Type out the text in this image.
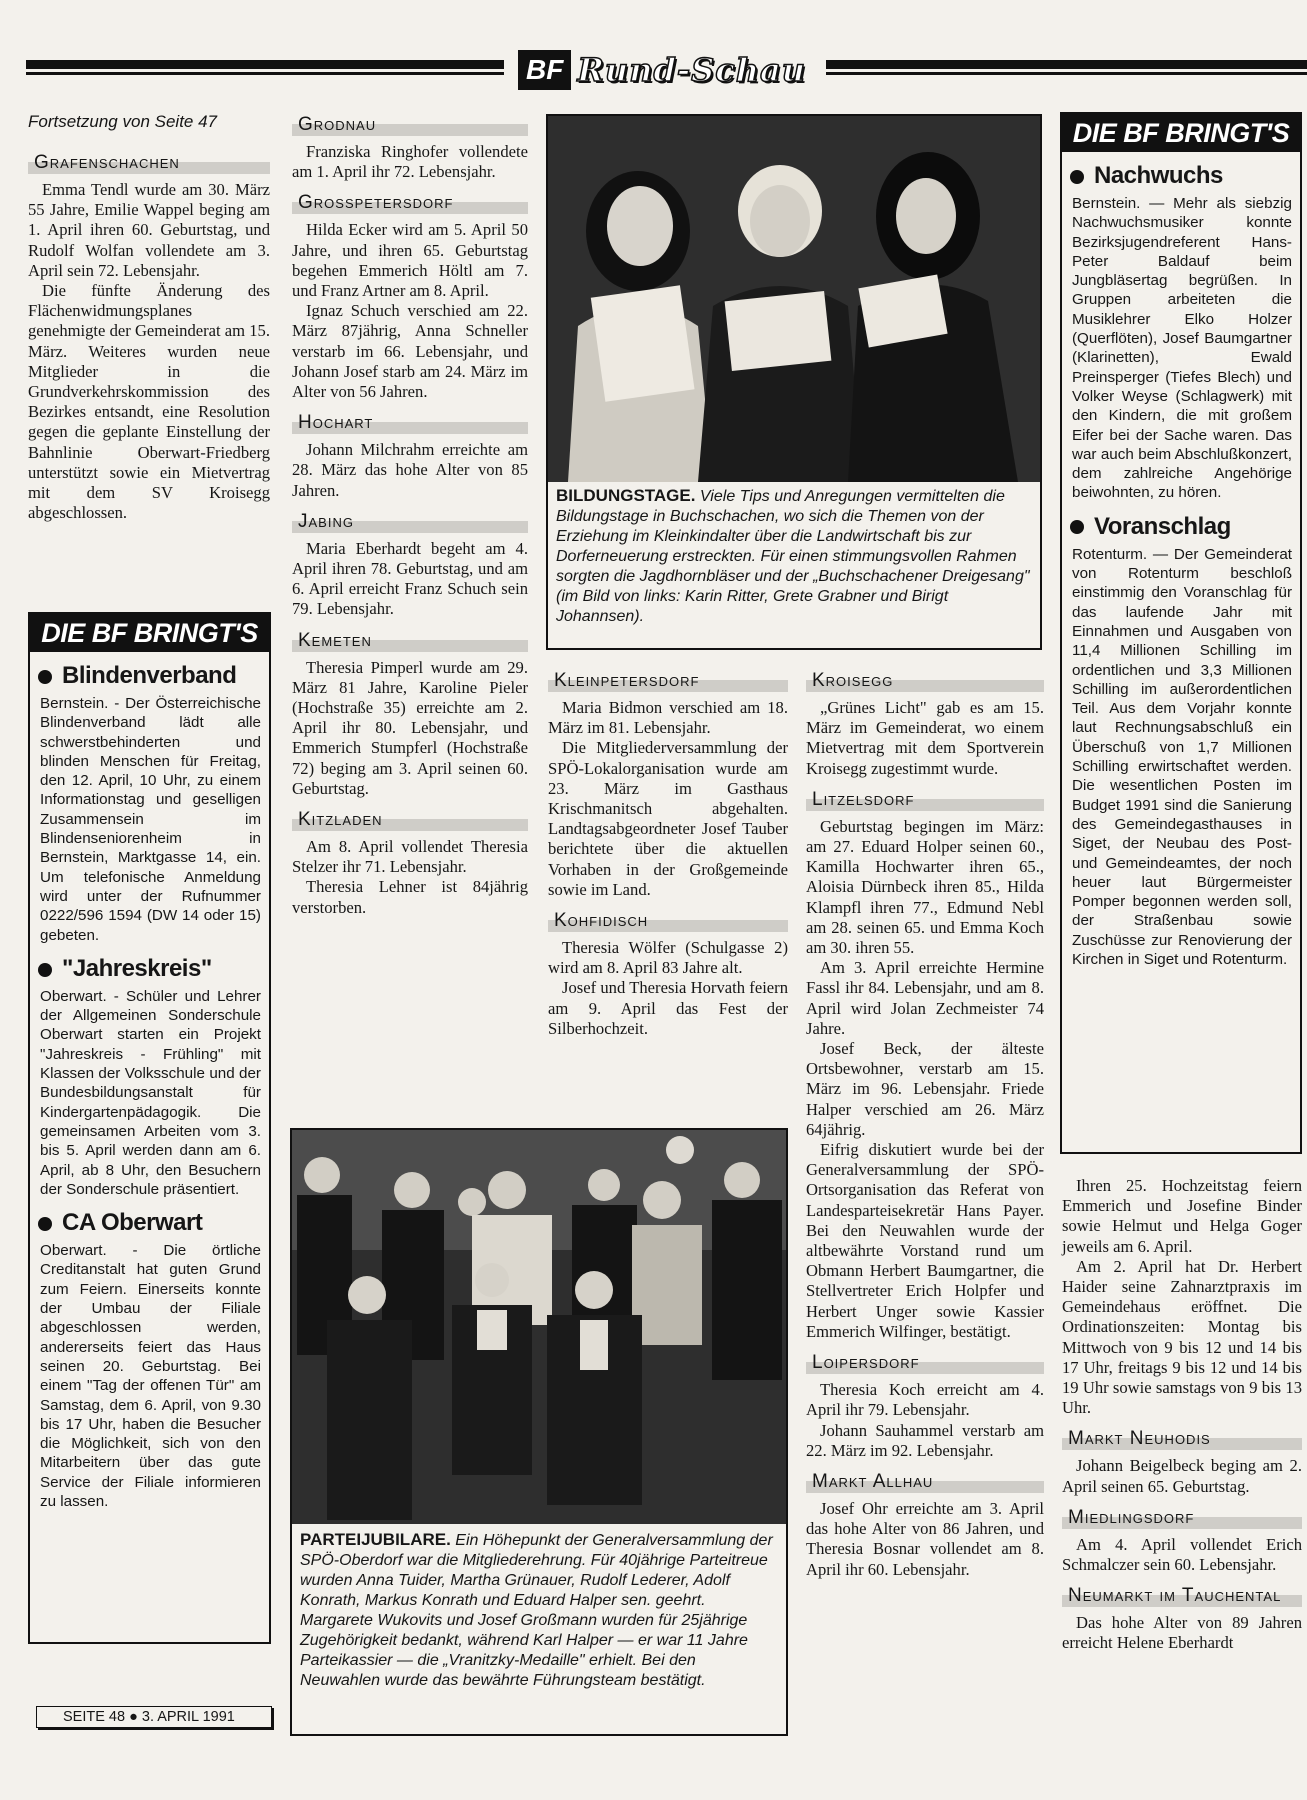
BF Rund-Schau
Fortsetzung von Seite 47
Grafenschachen

Emma Tendl wurde am 30. März 55 Jahre, Emilie Wappel beging am 1. April ihren 60. Geburtstag, und Rudolf Wolfan vollendete am 3. April sein 72. Lebensjahr.

Die fünfte Änderung des Flächenwidmungsplanes genehmigte der Gemeinderat am 15. März. Weiteres wurden neue Mitglieder in die Grundverkehrskommission des Bezirkes entsandt, eine Resolution gegen die geplante Einstellung der Bahnlinie Oberwart-Friedberg unterstützt sowie ein Mietvertrag mit dem SV Kroisegg abgeschlossen.

DIE BF BRINGT'S
Blindenverband

Bernstein. - Der Österreichische Blindenverband lädt alle schwerstbehinderten und blinden Menschen für Freitag, den 12. April, 10 Uhr, zu einem Informationstag und geselligen Zusammensein im Blindenseniorenheim in Bernstein, Marktgasse 14, ein. Um telefonische Anmeldung wird unter der Rufnummer 0222/596 1594 (DW 14 oder 15) gebeten.

"Jahreskreis"

Oberwart. - Schüler und Lehrer der Allgemeinen Sonderschule Oberwart starten ein Projekt "Jahreskreis - Frühling" mit Klassen der Volksschule und der Bundesbildungsanstalt für Kindergartenpädagogik. Die gemeinsamen Arbeiten vom 3. bis 5. April werden dann am 6. April, ab 8 Uhr, den Besuchern der Sonderschule präsentiert.

CA Oberwart

Oberwart. - Die örtliche Creditanstalt hat guten Grund zum Feiern. Einerseits konnte der Umbau der Filiale abgeschlossen werden, andererseits feiert das Haus seinen 20. Geburtstag. Bei einem "Tag der offenen Tür" am Samstag, dem 6. April, von 9.30 bis 17 Uhr, haben die Besucher die Möglichkeit, sich von den Mitarbeitern über das gute Service der Filiale informieren zu lassen.

SEITE 48 ● 3. APRIL 1991
Grodnau

Franziska Ringhofer vollendete am 1. April ihr 72. Lebensjahr.

Grosspetersdorf

Hilda Ecker wird am 5. April 50 Jahre, und ihren 65. Geburtstag begehen Emmerich Höltl am 7. und Franz Artner am 8. April.

Ignaz Schuch verschied am 22. März 87jährig, Anna Schneller verstarb im 66. Lebensjahr, und Johann Josef starb am 24. März im Alter von 56 Jahren.

Hochart

Johann Milchrahm erreichte am 28. März das hohe Alter von 85 Jahren.

Jabing

Maria Eberhardt begeht am 4. April ihren 78. Geburtstag, und am 6. April erreicht Franz Schuch sein 79. Lebensjahr.

Kemeten

Theresia Pimperl wurde am 29. März 81 Jahre, Karoline Pieler (Hochstraße 35) erreichte am 2. April ihr 80. Lebensjahr, und Emmerich Stumpferl (Hochstraße 72) beging am 3. April seinen 60. Geburtstag.

Kitzladen

Am 8. April vollendet Theresia Stelzer ihr 71. Lebensjahr.

Theresia Lehner ist 84jährig verstorben.

BILDUNGSTAGE. Viele Tips und Anregungen vermittelten die Bildungstage in Buchschachen, wo sich die Themen von der Erziehung im Kleinkindalter über die Landwirtschaft bis zur Dorferneuerung erstreckten. Für einen stimmungsvollen Rahmen sorgten die Jagdhornbläser und der „Buchschachener Dreigesang" (im Bild von links: Karin Ritter, Grete Grabner und Birigt Johannsen).
Kleinpetersdorf

Maria Bidmon verschied am 18. März im 81. Lebensjahr.

Die Mitgliederversammlung der SPÖ-Lokalorganisation wurde am 23. März im Gasthaus Krischmanitsch abgehalten. Landtagsabgeordneter Josef Tauber berichtete über die aktuellen Vorhaben in der Großgemeinde sowie im Land.

Kohfidisch

Theresia Wölfer (Schulgasse 2) wird am 8. April 83 Jahre alt.

Josef und Theresia Horvath feiern am 9. April das Fest der Silberhochzeit.

Kroisegg

„Grünes Licht" gab es am 15. März im Gemeinderat, wo einem Mietvertrag mit dem Sportverein Kroisegg zugestimmt wurde.

Litzelsdorf

Geburtstag begingen im März: am 27. Eduard Holper seinen 60., Kamilla Hochwarter ihren 65., Aloisia Dürnbeck ihren 85., Hilda Klampfl ihren 77., Edmund Nebl am 28. seinen 65. und Emma Koch am 30. ihren 55.

Am 3. April erreichte Hermine Fassl ihr 84. Lebensjahr, und am 8. April wird Jolan Zechmeister 74 Jahre.

Josef Beck, der älteste Ortsbewohner, verstarb am 15. März im 96. Lebensjahr. Friede Halper verschied am 26. März 64jährig.

Eifrig diskutiert wurde bei der Generalversammlung der SPÖ-Ortsorganisation das Referat von Landesparteisekretär Hans Payer. Bei den Neuwahlen wurde der altbewährte Vorstand rund um Obmann Herbert Baumgartner, die Stellvertreter Erich Holpfer und Herbert Unger sowie Kassier Emmerich Wilfinger, bestätigt.

Loipersdorf

Theresia Koch erreicht am 4. April ihr 79. Lebensjahr.

Johann Sauhammel verstarb am 22. März im 92. Lebensjahr.

Markt Allhau

Josef Ohr erreichte am 3. April das hohe Alter von 86 Jahren, und Theresia Bosnar vollendet am 8. April ihr 60. Lebensjahr.

PARTEIJUBILARE. Ein Höhepunkt der Generalversammlung der SPÖ-Oberdorf war die Mitgliederehrung. Für 40jährige Parteitreue wurden Anna Tuider, Martha Grünauer, Rudolf Lederer, Adolf Konrath, Markus Konrath und Eduard Halper sen. geehrt. Margarete Wukovits und Josef Großmann wurden für 25jährige Zugehörigkeit bedankt, während Karl Halper — er war 11 Jahre Parteikassier — die „Vranitzky-Medaille" erhielt. Bei den Neuwahlen wurde das bewährte Führungsteam bestätigt.
DIE BF BRINGT'S
Nachwuchs

Bernstein. — Mehr als siebzig Nachwuchsmusiker konnte Bezirksjugendreferent Hans-Peter Baldauf beim Jungbläsertag begrüßen. In Gruppen arbeiteten die Musiklehrer Elko Holzer (Querflöten), Josef Baumgartner (Klarinetten), Ewald Preinsperger (Tiefes Blech) und Volker Weyse (Schlagwerk) mit den Kindern, die mit großem Eifer bei der Sache waren. Das war auch beim Abschlußkonzert, dem zahlreiche Angehörige beiwohnten, zu hören.

Voranschlag

Rotenturm. — Der Gemeinderat von Rotenturm beschloß einstimmig den Voranschlag für das laufende Jahr mit Einnahmen und Ausgaben von 11,4 Millionen Schilling im ordentlichen und 3,3 Millionen Schilling im außerordentlichen Teil. Aus dem Vorjahr konnte laut Rechnungsabschluß ein Überschuß von 1,7 Millionen Schilling erwirtschaftet werden. Die wesentlichen Posten im Budget 1991 sind die Sanierung des Gemeindegasthauses in Siget, der Neubau des Post- und Gemeindeamtes, der noch heuer laut Bürgermeister Pomper begonnen werden soll, der Straßenbau sowie Zuschüsse zur Renovierung der Kirchen in Siget und Rotenturm.

Ihren 25. Hochzeitstag feiern Emmerich und Josefine Binder sowie Helmut und Helga Goger jeweils am 6. April.

Am 2. April hat Dr. Herbert Haider seine Zahnarztpraxis im Gemeindehaus eröffnet. Die Ordinationszeiten: Montag bis Mittwoch von 9 bis 12 und 14 bis 17 Uhr, freitags 9 bis 12 und 14 bis 19 Uhr sowie samstags von 9 bis 13 Uhr.

Markt Neuhodis

Johann Beigelbeck beging am 2. April seinen 65. Geburtstag.

Miedlingsdorf

Am 4. April vollendet Erich Schmalczer sein 60. Lebensjahr.

Neumarkt im Tauchental

Das hohe Alter von 89 Jahren erreicht Helene Eberhardt
